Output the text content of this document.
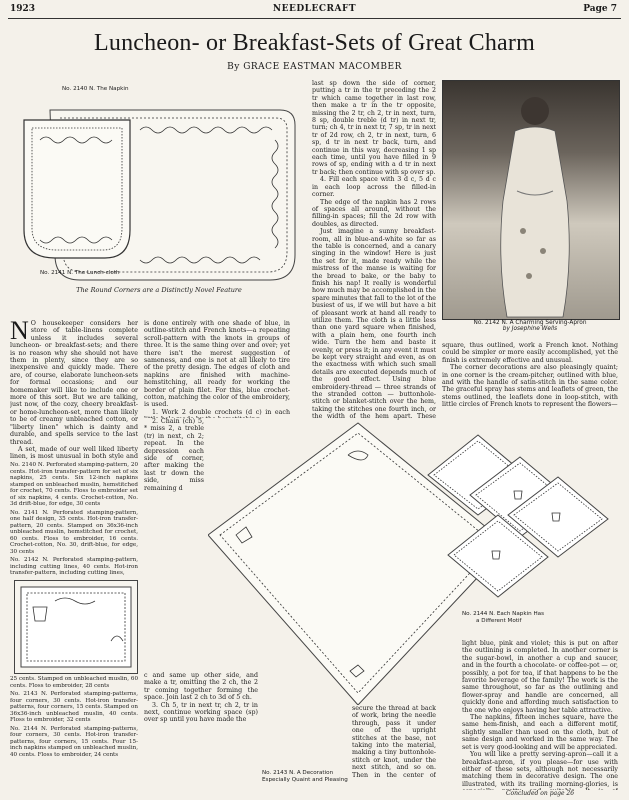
1923	NEEDLECRAFT	Page 7
Luncheon- or Breakfast-Sets of Great Charm
By GRACE EASTMAN MACOMBER
No. 2140 N. The Napkin
No. 2141 N. The Lunch-cloth
The Round Corners are a Distinctly Novel Feature

last sp down the side of corner, putting a tr in the tr preceding the 2 tr which came together in last row, then make a tr in the tr opposite, missing the 2 tr, ch 2, tr in next, turn, 8 sp, double treble (d tr) in next tr, turn; ch 4, tr in next tr, 7 sp, tr in next tr of 2d row, ch 2, tr in next, turn, 6 sp, d tr in next tr back, turn, and continue in this way, decreasing 1 sp each time, until you have filled in 9 rows of sp, ending with a d tr in next tr back; then continue with sp over sp.

4. Fill each space with 3 d c, 5 d c in each loop across the filled-in corner.

The edge of the napkin has 2 rows of spaces all around, without the filling-in spaces; fill the 2d row with doubles, as directed.

Just imagine a sunny breakfast-room, all in blue-and-white so far as the table is concerned, and a canary singing in the window! Here is just the set for it, made ready while the mistress of the manse is waiting for the bread to bake, or the baby to finish his nap! It really is wonderful how much may be accomplished in the spare minutes that fall to the lot of the busiest of us, if we will but have a bit of pleasant work at hand all ready to utilize them. The cloth is a little less than one yard square when finished, with a plain hem, one fourth inch wide. Turn the hem and baste it evenly, or press it; in any event it must be kept very straight and even, as on the exactness with which such small details are executed depends much of the good effect. Using blue embroidery-thread — three strands of the stranded cotton — buttonhole-stitch or blanket-stitch over the hem, taking the stitches one fourth inch, or the width of the hem apart. These

No. 2142 N. A Charming Serving-Apron
by Josephine Wells
N O housekeeper considers her store of table-linens complete unless it includes several luncheon- or breakfast-sets; and there is no reason why she should not have them in plenty, since they are so inexpensive and quickly made. There are, of course, elaborate luncheon-sets for formal occasions; and our homemaker will like to include one or more of this sort. But we are talking, just now, of the cozy, cheery breakfast- or home-luncheon-set, more than likely to be of creamy unbleached cotton, or "liberty linen" which is dainty and durable, and spells service to the last thread.

A set, made of our well liked liberty linen, is most unusual in both style and

is done entirely with one shade of blue, in outline-stitch and French knots—a repeating scroll-pattern with the knots in groups of three. It is the same thing over and over; yet there isn't the merest suggestion of sameness, and one is not at all likely to tire of the pretty design. The edges of cloth and napkins are finished with machine-hemstitching, all ready for working the border of plain filet. For this, blue crochet-cotton, matching the color of the embroidery, is used.

1. Work 2 double crochets (d c) in each

2. Chain (ch) 5, * miss 2, a treble (tr) in next, ch 2; repeat. In the depression each side of corner, after making the last tr down the side, miss remaining d

square, thus outlined, work a French knot. Nothing could be simpler or more easily accomplished, yet the finish is extremely effective and unusual.

The corner decorations are also pleasingly quaint; in one corner is the cream-pitcher, outlined with blue, and with the handle of satin-stitch in the same color. The graceful spray has stems and leaflets of green, the stems outlined, the leaflets done in loop-stitch, with little circles of French knots to represent the flowers—

No. 2140 N. Perforated stamping-pattern, 20 cents. Hot-iron transfer-pattern for set of six napkins, 25 cents. Six 12-inch napkins stamped on unbleached muslin, hemstitched for crochet, 70 cents. Floss to embroider set of six napkins, 4 cents. Crochet-cotton, No. 3d drift-blue, for edge, 30 cents

No. 2141 N. Perforated stamping-pattern, one half design, 35 cents. Hot-iron transfer-pattern, 20 cents. Stamped on 36x36-inch unbleached muslin, hemstitched for crochet, 60 cents. Floss to embroider, 16 cents. Crochet-cotton, No. 30, drift-blue, for edge, 30 cents

No. 2142 N. Perforated stamping-pattern, including cutting lines, 40 cents. Hot-iron transfer-pattern, including cutting lines,

No. 2144 N. Each Napkin Has
a Different Motif

c and same up other side, and make a tr, omitting the 2 ch, the 2 tr coming together forming the space. Join last 2 ch to 3d of 5 ch.

3. Ch 5, tr in next tr, ch 2, tr in next, continue working space (sp) over sp until you have made the

secure the thread at back of work, bring the needle through, pass it under one of the upright stitches at the base, not taking into the material, making a tiny buttonhole-stitch or knot, under the next stitch, and so on. Then in the center of

No. 2143 N. A Decoration Especially Quaint and Pleasing

25 cents. Stamped on unbleached muslin, 60 cents. Floss to embroider, 28 cents

No. 2143 N. Perforated stamping-patterns, four corners, 30 cents. Hot-iron transfer-patterns, four corners, 15 cents. Stamped on 36x36-inch unbleached muslin, 40 cents. Floss to embroider, 32 cents

No. 2144 N. Perforated stamping-patterns, four corners, 30 cents. Hot-iron transfer-patterns, four corners, 15 cents. Four 15-inch napkins stamped on unbleached muslin, 40 cents. Floss to embroider, 24 cents

light blue, pink and violet; this is put on after the outlining is completed. In another corner is the sugar-bowl, in another a cup and saucer, and in the fourth a chocolate- or coffee-pot — or, possibly, a pot for tea, if that happens to be the favorite beverage of the family! The work is the same throughout, so far as the outlining and flower-spray and handle are concerned, all quickly done and affording much satisfaction to the one who enjoys having her table attractive.

The napkins, fifteen inches square, have the same hem-finish, and each a different motif, slightly smaller than used on the cloth, but of same design and worked in the same way. The set is very good-looking and will be appreciated.

You will like a pretty serving-apron—call it a breakfast-apron, if you please—for use with either of these sets, although not necessarily matching them in decorative design. The one illustrated, with its trailing morning-glories, is

Concluded on page 26
